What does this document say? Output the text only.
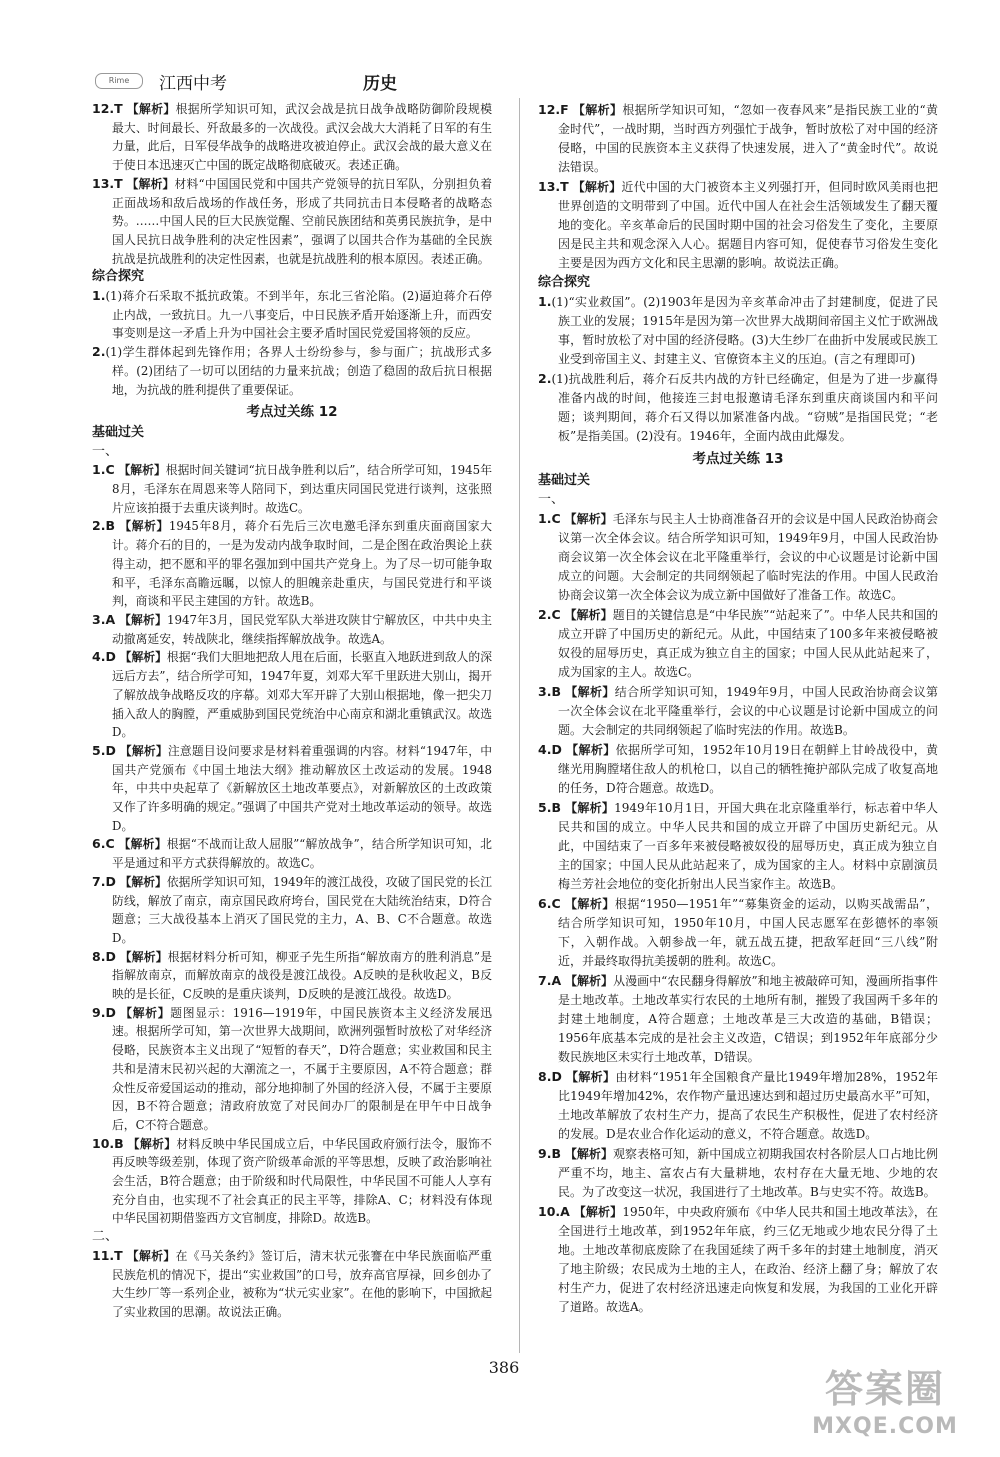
Rime	江西中考	历史
12.T 【解析】根据所学知识可知，武汉会战是抗日战争战略防御阶段规模最大、时间最长、歼敌最多的一次战役。武汉会战大大消耗了日军的有生力量，此后，日军侵华战争的战略进攻被迫停止。武汉会战的最大意义在于使日本迅速灭亡中国的既定战略彻底破灭。表述正确。
13.T 【解析】材料“中国国民党和中国共产党领导的抗日军队，分别担负着正面战场和敌后战场的作战任务，形成了共同抗击日本侵略者的战略态势。……中国人民的巨大民族觉醒、空前民族团结和英勇民族抗争，是中国人民抗日战争胜利的决定性因素”，强调了以国共合作为基础的全民族抗战是抗战胜利的决定性因素，也就是抗战胜利的根本原因。表述正确。
综合探究
1.(1)蒋介石采取不抵抗政策。不到半年，东北三省沦陷。(2)逼迫蒋介石停止内战，一致抗日。九一八事变后，中日民族矛盾开始逐渐上升，而西安事变则是这一矛盾上升为中国社会主要矛盾时国民党爱国将领的反应。
2.(1)学生群体起到先锋作用；各界人士纷纷参与，参与面广；抗战形式多样。(2)团结了一切可以团结的力量来抗战；创造了稳固的敌后抗日根据地，为抗战的胜利提供了重要保证。
考点过关练 12
基础过关
一、
1.C 【解析】根据时间关键词“抗日战争胜利以后”，结合所学可知，1945年8月，毛泽东在周恩来等人陪同下，到达重庆同国民党进行谈判，这张照片应该拍摄于去重庆谈判时。故选C。
2.B 【解析】1945年8月，蒋介石先后三次电邀毛泽东到重庆面商国家大计。蒋介石的目的，一是为发动内战争取时间，二是企图在政治舆论上获得主动，把不愿和平的罪名强加到中国共产党身上。为了尽一切可能争取和平，毛泽东高瞻远瞩，以惊人的胆魄亲赴重庆，与国民党进行和平谈判，商谈和平民主建国的方针。故选B。
3.A 【解析】1947年3月，国民党军队大举进攻陕甘宁解放区，中共中央主动撤离延安，转战陕北，继续指挥解放战争。故选A。
4.D 【解析】根据“我们大胆地把敌人甩在后面，长驱直入地跃进到敌人的深远后方去”，结合所学可知，1947年夏，刘邓大军千里跃进大别山，揭开了解放战争战略反攻的序幕。刘邓大军开辟了大别山根据地，像一把尖刀插入敌人的胸膛，严重威胁到国民党统治中心南京和湖北重镇武汉。故选D。
5.D 【解析】注意题目设问要求是材料着重强调的内容。材料“1947年，中国共产党颁布《中国土地法大纲》推动解放区土改运动的发展。1948年，中共中央起草了《新解放区土地改革要点》，对新解放区的土改政策又作了许多明确的规定。”强调了中国共产党对土地改革运动的领导。故选D。
6.C 【解析】根据“不战而让敌人屈服”“解放战争”，结合所学知识可知，北平是通过和平方式获得解放的。故选C。
7.D 【解析】依据所学知识可知，1949年的渡江战役，攻破了国民党的长江防线，解放了南京，南京国民政府垮台，国民党在大陆统治结束，D符合题意；三大战役基本上消灭了国民党的主力，A、B、C不合题意。故选D。
8.D 【解析】根据材料分析可知，柳亚子先生所指“解放南方的胜利消息”是指解放南京，而解放南京的战役是渡江战役。A反映的是秋收起义，B反映的是长征，C反映的是重庆谈判，D反映的是渡江战役。故选D。
9.D 【解析】题图显示：1916—1919年，中国民族资本主义经济发展迅速。根据所学可知，第一次世界大战期间，欧洲列强暂时放松了对华经济侵略，民族资本主义出现了“短暂的春天”，D符合题意；实业救国和民主共和是清末民初兴起的大潮流之一，不属于主要原因，A不符合题意；群众性反帝爱国运动的推动，部分地抑制了外国的经济入侵，不属于主要原因，B不符合题意；清政府放宽了对民间办厂的限制是在甲午中日战争后，C不符合题意。
10.B 【解析】材料反映中华民国成立后，中华民国政府颁行法令，服饰不再反映等级差别，体现了资产阶级革命派的平等思想，反映了政治影响社会生活，B符合题意；由于阶级和时代局限性，中华民国不可能人人享有充分自由，也实现不了社会真正的民主平等，排除A、C；材料没有体现中华民国初期借鉴西方文官制度，排除D。故选B。
二、
11.T 【解析】在《马关条约》签订后，清末状元张謇在中华民族面临严重民族危机的情况下，提出“实业救国”的口号，放弃高官厚禄，回乡创办了大生纱厂等一系列企业，被称为“状元实业家”。在他的影响下，中国掀起了实业救国的思潮。故说法正确。
12.F 【解析】根据所学知识可知，“忽如一夜春风来”是指民族工业的“黄金时代”，一战时期，当时西方列强忙于战争，暂时放松了对中国的经济侵略，中国的民族资本主义获得了快速发展，进入了“黄金时代”。故说法错误。
13.T 【解析】近代中国的大门被资本主义列强打开，但同时欧风美雨也把世界创造的文明带到了中国。近代中国人在社会生活领域发生了翻天覆地的变化。辛亥革命后的民国时期中国的社会习俗发生了变化，主要原因是民主共和观念深入人心。据题目内容可知，促使春节习俗发生变化主要是因为西方文化和民主思潮的影响。故说法正确。
综合探究
1.(1)“实业救国”。(2)1903年是因为辛亥革命冲击了封建制度，促进了民族工业的发展；1915年是因为第一次世界大战期间帝国主义忙于欧洲战事，暂时放松了对中国的经济侵略。(3)大生纱厂在曲折中发展或民族工业受到帝国主义、封建主义、官僚资本主义的压迫。(言之有理即可)
2.(1)抗战胜利后，蒋介石反共内战的方针已经确定，但是为了进一步赢得准备内战的时间，他接连三封电报邀请毛泽东到重庆商谈国内和平问题；谈判期间，蒋介石又得以加紧准备内战。“窃贼”是指国民党；“老板”是指美国。(2)没有。1946年，全面内战由此爆发。
考点过关练 13
基础过关
一、
1.C 【解析】毛泽东与民主人士协商准备召开的会议是中国人民政治协商会议第一次全体会议。结合所学知识可知，1949年9月，中国人民政治协商会议第一次全体会议在北平隆重举行，会议的中心议题是讨论新中国成立的问题。大会制定的共同纲领起了临时宪法的作用。中国人民政治协商会议第一次全体会议为成立新中国做好了准备工作。故选C。
2.C 【解析】题目的关键信息是“中华民族”“站起来了”。中华人民共和国的成立开辟了中国历史的新纪元。从此，中国结束了100多年来被侵略被奴役的屈辱历史，真正成为独立自主的国家；中国人民从此站起来了，成为国家的主人。故选C。
3.B 【解析】结合所学知识可知，1949年9月，中国人民政治协商会议第一次全体会议在北平隆重举行，会议的中心议题是讨论新中国成立的问题。大会制定的共同纲领起了临时宪法的作用。故选B。
4.D 【解析】依据所学可知，1952年10月19日在朝鲜上甘岭战役中，黄继光用胸膛堵住敌人的机枪口，以自己的牺牲掩护部队完成了收复高地的任务，D符合题意。故选D。
5.B 【解析】1949年10月1日，开国大典在北京隆重举行，标志着中华人民共和国的成立。中华人民共和国的成立开辟了中国历史新纪元。从此，中国结束了一百多年来被侵略被奴役的屈辱历史，真正成为独立自主的国家；中国人民从此站起来了，成为国家的主人。材料中京剧演员梅兰芳社会地位的变化折射出人民当家作主。故选B。
6.C 【解析】根据“1950—1951年”“募集资金的运动，以购买战需品”，结合所学知识可知，1950年10月，中国人民志愿军在彭德怀的率领下，入朝作战。入朝参战一年，就五战五捷，把敌军赶回“三八线”附近，并最终取得抗美援朝的胜利。故选C。
7.A 【解析】从漫画中“农民翻身得解放”和地主被敲碎可知，漫画所指事件是土地改革。土地改革实行农民的土地所有制，摧毁了我国两千多年的封建土地制度，A符合题意；土地改革是三大改造的基础，B错误；1956年底基本完成的是社会主义改造，C错误；到1952年年底部分少数民族地区未实行土地改革，D错误。
8.D 【解析】由材料“1951年全国粮食产量比1949年增加28%，1952年比1949年增加42%，农作物产量迅速达到和超过历史最高水平”可知，土地改革解放了农村生产力，提高了农民生产积极性，促进了农村经济的发展。D是农业合作化运动的意义，不符合题意。故选D。
9.B 【解析】观察表格可知，新中国成立初期我国农村各阶层人口占地比例严重不均，地主、富农占有大量耕地，农村存在大量无地、少地的农民。为了改变这一状况，我国进行了土地改革。B与史实不符。故选B。
10.A 【解析】1950年，中央政府颁布《中华人民共和国土地改革法》，在全国进行土地改革，到1952年年底，约三亿无地或少地农民分得了土地。土地改革彻底废除了在我国延续了两千多年的封建土地制度，消灭了地主阶级；农民成为土地的主人，在政治、经济上翻了身；解放了农村生产力，促进了农村经济迅速走向恢复和发展，为我国的工业化开辟了道路。故选A。
386	答案圈
MXQE.COM
